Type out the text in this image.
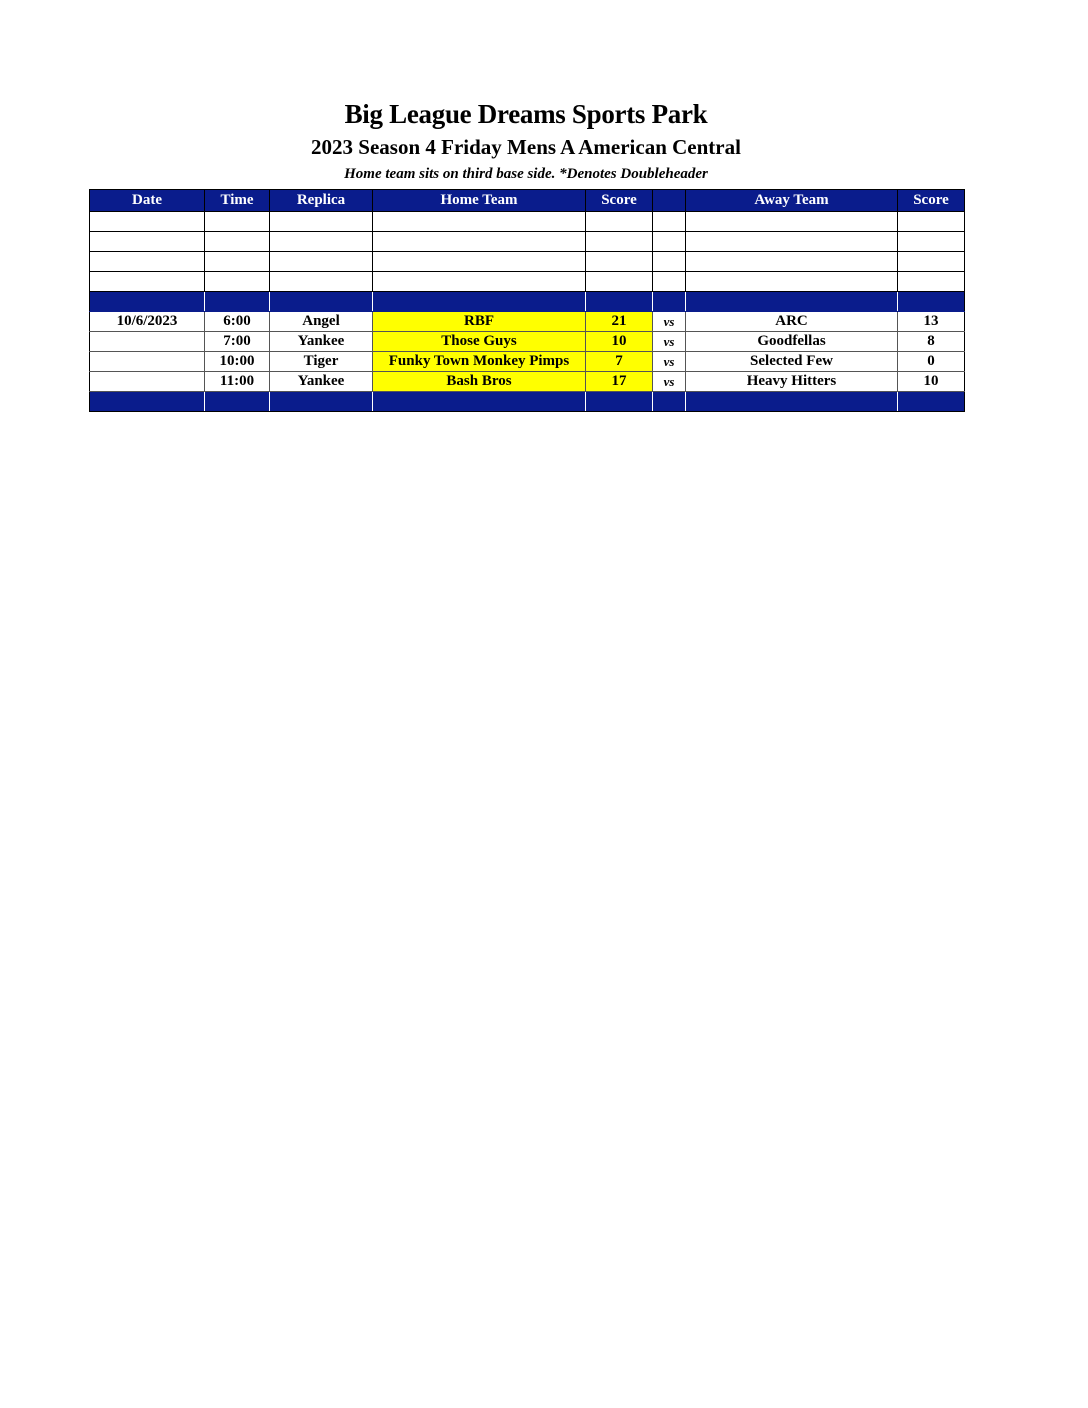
Big League Dreams Sports Park
2023 Season 4 Friday Mens A American Central
Home team sits on third base side. *Denotes Doubleheader
Date	Time	Replica	Home Team	Score		Away Team	Score

10/6/2023	6:00	Angel	RBF	21	vs	ARC	13
	7:00	Yankee	Those Guys	10	vs	Goodfellas	8
	10:00	Tiger	Funky Town Monkey Pimps	7	vs	Selected Few	0
	11:00	Yankee	Bash Bros	17	vs	Heavy Hitters	10
